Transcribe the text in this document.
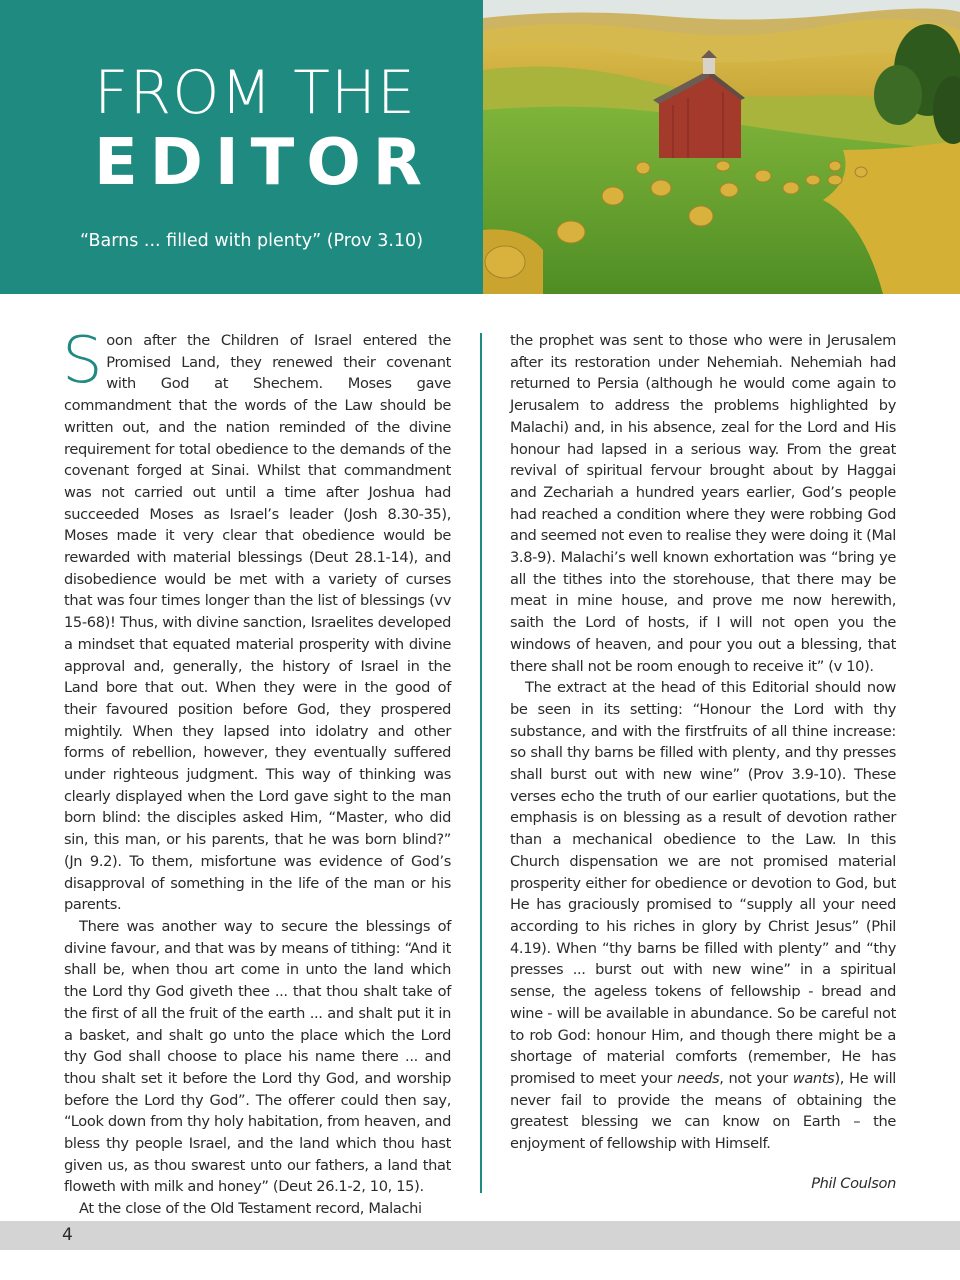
FROM THE
EDITOR
“Barns ... filled with plenty” (Prov 3.10)

Soon after the Children of Israel entered the Promised Land, they renewed their covenant with God at Shechem. Moses gave commandment that the words of the Law should be written out, and the nation reminded of the divine requirement for total obedience to the demands of the covenant forged at Sinai. Whilst that commandment was not carried out until a time after Joshua had succeeded Moses as Israel’s leader (Josh 8.30-35), Moses made it very clear that obedience would be rewarded with material blessings (Deut 28.1-14), and disobedience would be met with a variety of curses that was four times longer than the list of blessings (vv 15-68)! Thus, with divine sanction, Israelites developed a mindset that equated material prosperity with divine approval and, generally, the history of Israel in the Land bore that out. When they were in the good of their favoured position before God, they prospered mightily. When they lapsed into idolatry and other forms of rebellion, however, they eventually suffered under righteous judgment. This way of thinking was clearly displayed when the Lord gave sight to the man born blind: the disciples asked Him, “Master, who did sin, this man, or his parents, that he was born blind?” (Jn 9.2). To them, misfortune was evidence of God’s disapproval of something in the life of the man or his parents.

There was another way to secure the blessings of divine favour, and that was by means of tithing: “And it shall be, when thou art come in unto the land which the Lord thy God giveth thee ... that thou shalt take of the first of all the fruit of the earth ... and shalt put it in a basket, and shalt go unto the place which the Lord thy God shall choose to place his name there ... and thou shalt set it before the Lord thy God, and worship before the Lord thy God”. The offerer could then say, “Look down from thy holy habitation, from heaven, and bless thy people Israel, and the land which thou hast given us, as thou swarest unto our fathers, a land that floweth with milk and honey” (Deut 26.1-2, 10, 15).

At the close of the Old Testament record, Malachi

the prophet was sent to those who were in Jerusalem after its restoration under Nehemiah. Nehemiah had returned to Persia (although he would come again to Jerusalem to address the problems highlighted by Malachi) and, in his absence, zeal for the Lord and His honour had lapsed in a serious way. From the great revival of spiritual fervour brought about by Haggai and Zechariah a hundred years earlier, God’s people had reached a condition where they were robbing God and seemed not even to realise they were doing it (Mal 3.8-9). Malachi’s well known exhortation was “bring ye all the tithes into the storehouse, that there may be meat in mine house, and prove me now herewith, saith the Lord of hosts, if I will not open you the windows of heaven, and pour you out a blessing, that there shall not be room enough to receive it” (v 10).

The extract at the head of this Editorial should now be seen in its setting: “Honour the Lord with thy substance, and with the firstfruits of all thine increase: so shall thy barns be filled with plenty, and thy presses shall burst out with new wine” (Prov 3.9-10). These verses echo the truth of our earlier quotations, but the emphasis is on blessing as a result of devotion rather than a mechanical obedience to the Law. In this Church dispensation we are not promised material prosperity either for obedience or devotion to God, but He has graciously promised to “supply all your need according to his riches in glory by Christ Jesus” (Phil 4.19). When “thy barns be filled with plenty” and “thy presses ... burst out with new wine” in a spiritual sense, the ageless tokens of fellowship - bread and wine - will be available in abundance. So be careful not to rob God: honour Him, and though there might be a shortage of material comforts (remember, He has promised to meet your needs, not your wants), He will never fail to provide the means of obtaining the greatest blessing we can know on Earth – the enjoyment of fellowship with Himself.

Phil Coulson
4
